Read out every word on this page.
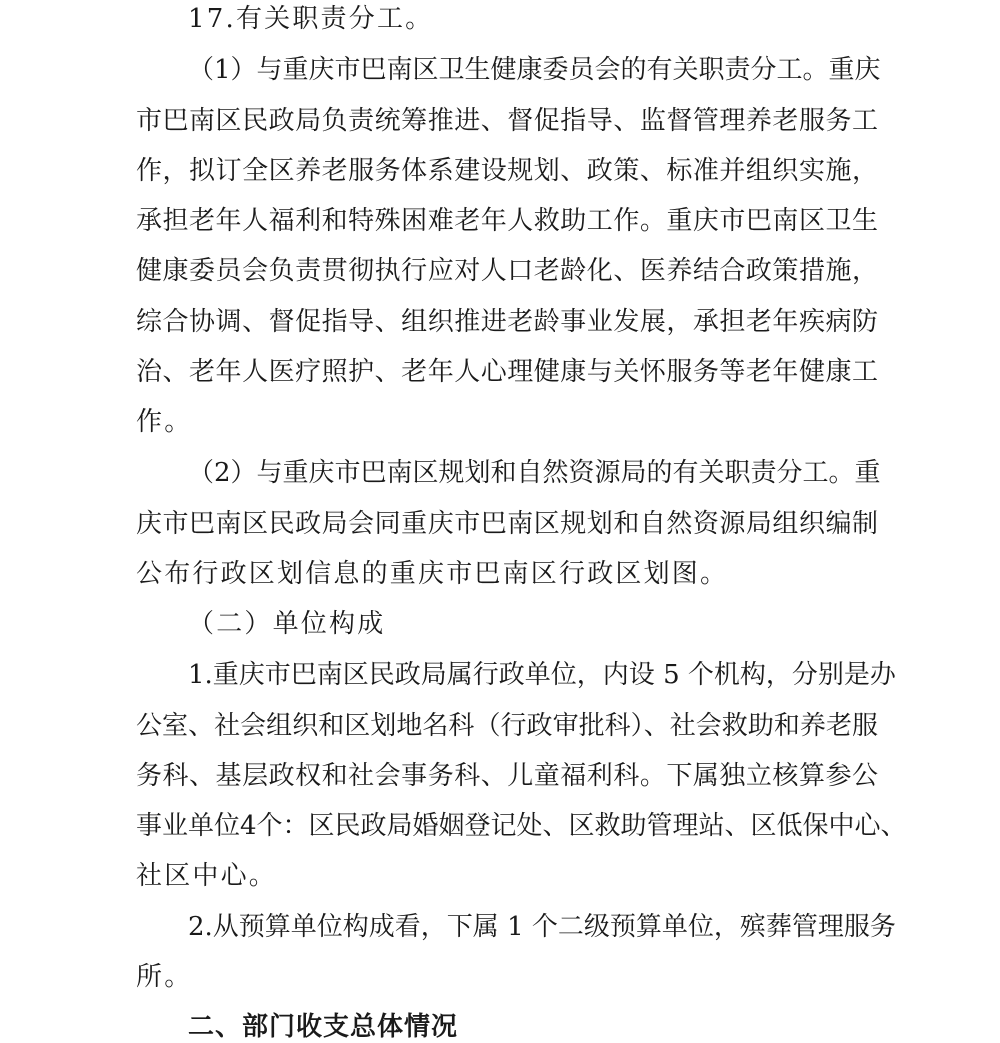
17.有关职责分工。
（1）与重庆市巴南区卫生健康委员会的有关职责分工。重庆
市巴南区民政局负责统筹推进、督促指导、监督管理养老服务工
作，拟订全区养老服务体系建设规划、政策、标准并组织实施，
承担老年人福利和特殊困难老年人救助工作。重庆市巴南区卫生
健康委员会负责贯彻执行应对人口老龄化、医养结合政策措施，
综合协调、督促指导、组织推进老龄事业发展，承担老年疾病防
治、老年人医疗照护、老年人心理健康与关怀服务等老年健康工
作。
（2）与重庆市巴南区规划和自然资源局的有关职责分工。重
庆市巴南区民政局会同重庆市巴南区规划和自然资源局组织编制
公布行政区划信息的重庆市巴南区行政区划图。
（二）单位构成
1.重庆市巴南区民政局属行政单位，内设 5 个机构，分别是办
公室、社会组织和区划地名科（行政审批科）、社会救助和养老服
务科、基层政权和社会事务科、儿童福利科。下属独立核算参公
事业单位4个：区民政局婚姻登记处、区救助管理站、区低保中心、
社区中心。
2.从预算单位构成看，下属 1 个二级预算单位，殡葬管理服务
所。
二、部门收支总体情况
